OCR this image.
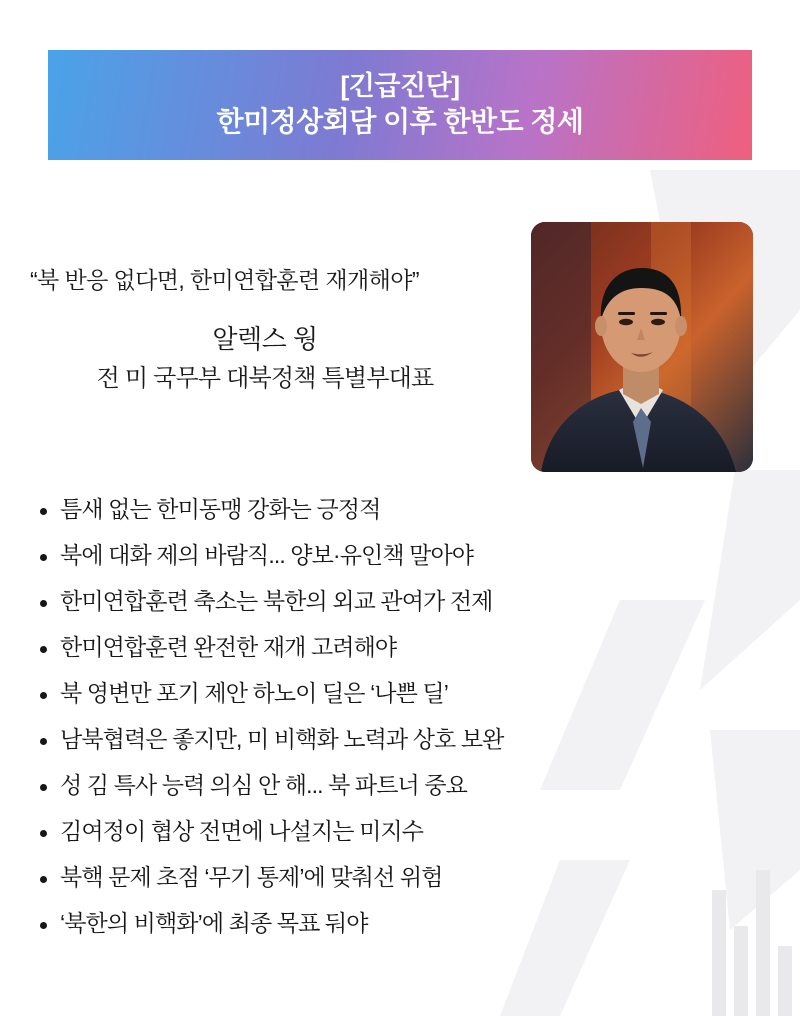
[긴급진단]
한미정상회담 이후 한반도 정세
“북 반응 없다면, 한미연합훈련 재개해야”
알렉스 웡
전 미 국무부 대북정책 특별부대표
틈새 없는 한미동맹 강화는 긍정적
북에 대화 제의 바람직... 양보·유인책 말아야
한미연합훈련 축소는 북한의 외교 관여가 전제
한미연합훈련 완전한 재개 고려해야
북 영변만 포기 제안 하노이 딜은 ‘나쁜 딜’
남북협력은 좋지만, 미 비핵화 노력과 상호 보완
성 김 특사 능력 의심 안 해... 북 파트너 중요
김여정이 협상 전면에 나설지는 미지수
북핵 문제 초점 ‘무기 통제’에 맞춰선 위험
‘북한의 비핵화’에 최종 목표 둬야
